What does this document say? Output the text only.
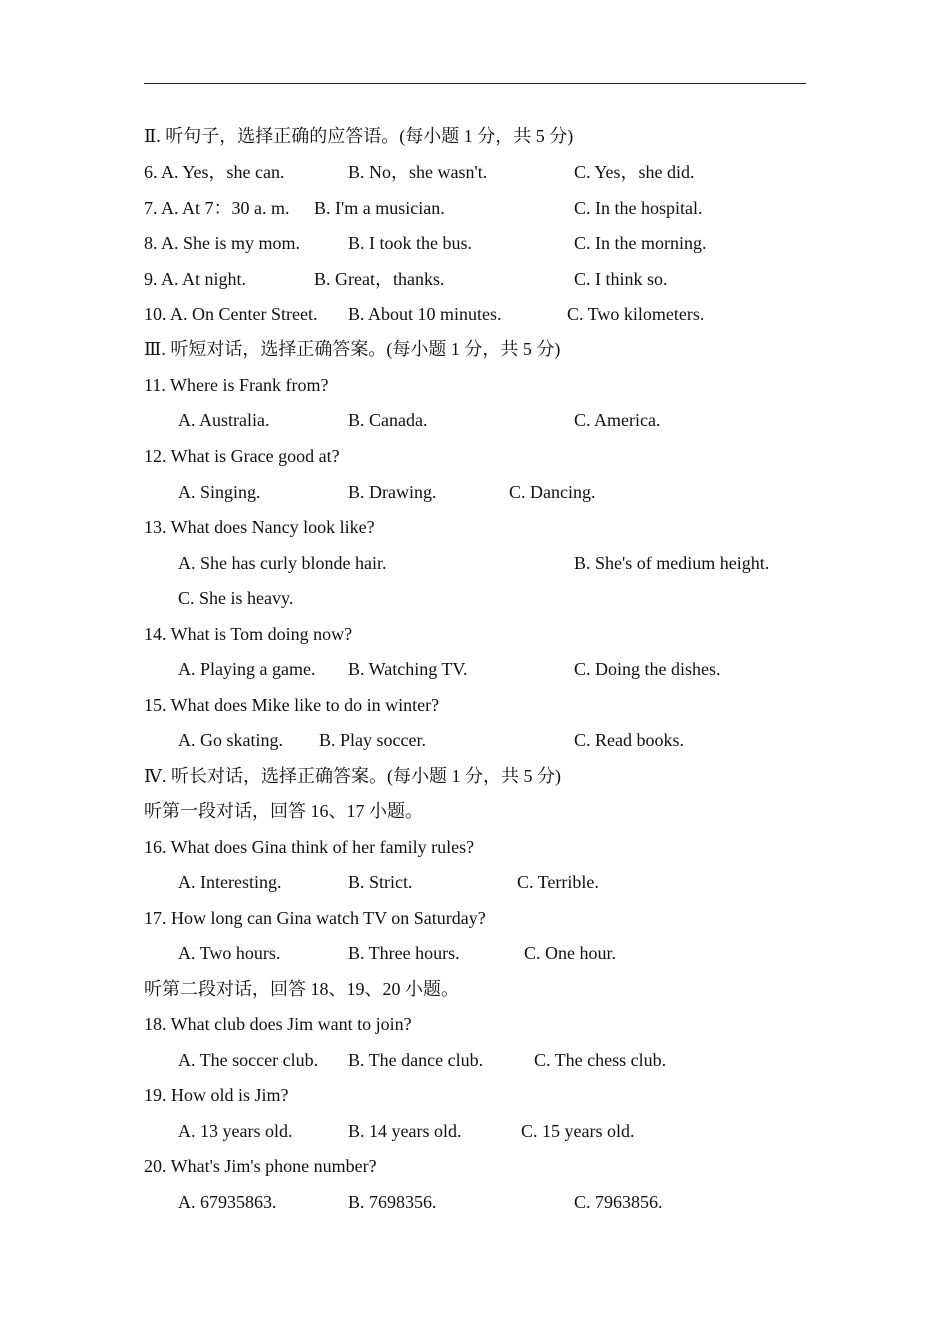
Ⅱ. 听句子，选择正确的应答语。(每小题 1 分，共 5 分)
6. A. Yes，she can.	B. No，she wasn't.	C. Yes，she did.
7. A. At 7：30 a. m. B. I'm a musician.	C. In the hospital.
8. A. She is my mom.	B. I took the bus.	C. In the morning.
9. A. At night.	B. Great，thanks.	C. I think so.
10. A. On Center Street. B. About 10 minutes.	C. Two kilometers.
Ⅲ. 听短对话，选择正确答案。(每小题 1 分，共 5 分)
11. Where is Frank from?
A. Australia.	B. Canada.	C. America.
12. What is Grace good at?
A. Singing.	B. Drawing.	C. Dancing.
13. What does Nancy look like?
A. She has curly blonde hair.	B. She's of medium height.
C. She is heavy.
14. What is Tom doing now?
A. Playing a game. B. Watching TV.	C. Doing the dishes.
15. What does Mike like to do in winter?
A. Go skating. B. Play soccer.	C. Read books.
Ⅳ. 听长对话，选择正确答案。(每小题 1 分，共 5 分)
听第一段对话，回答 16、17 小题。
16. What does Gina think of her family rules?
A. Interesting.	B. Strict.	C. Terrible.
17. How long can Gina watch TV on Saturday?
A. Two hours.	B. Three hours.	C. One hour.
听第二段对话，回答 18、19、20 小题。
18. What club does Jim want to join?
A. The soccer club. B. The dance club.	C. The chess club.
19. How old is Jim?
A. 13 years old.	B. 14 years old.	C. 15 years old.
20. What's Jim's phone number?
A. 67935863.	B. 7698356.	C. 7963856.
